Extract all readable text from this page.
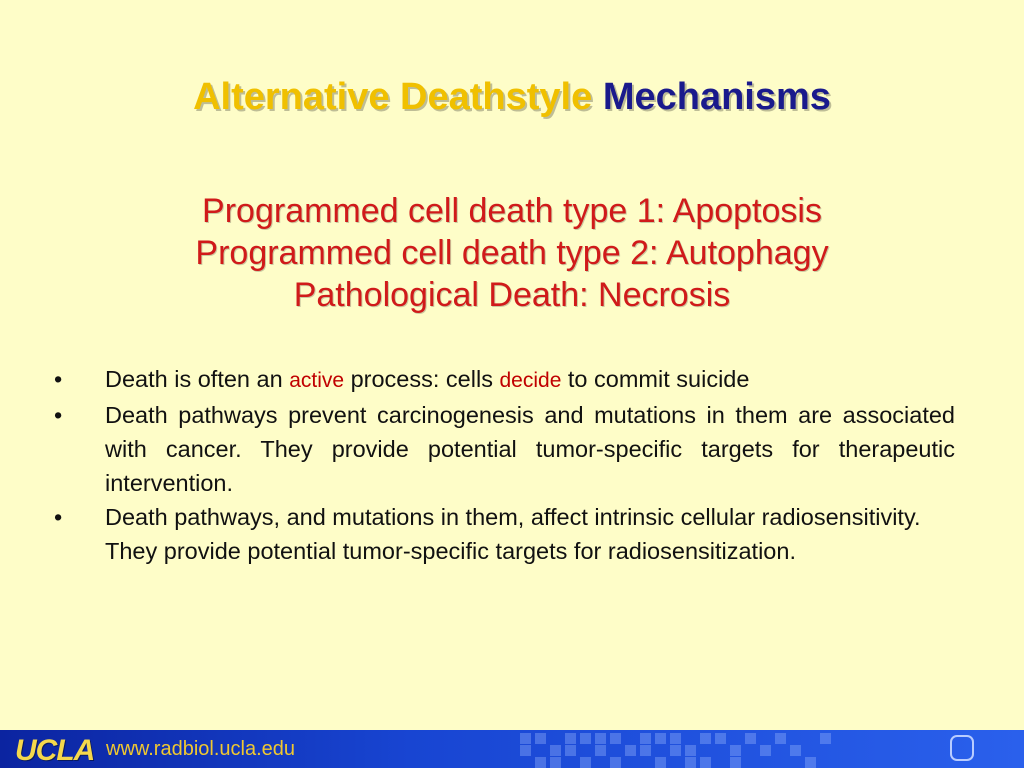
Alternative Deathstyle Mechanisms
Programmed cell death type 1: Apoptosis
Programmed cell death type 2: Autophagy
Pathological Death: Necrosis
• Death is often an active process: cells decide to commit suicide
• Death pathways prevent carcinogenesis and mutations in them are associated with cancer. They provide potential tumor-specific targets for therapeutic intervention.
• Death pathways, and mutations in them, affect intrinsic cellular radiosensitivity. They provide potential tumor-specific targets for radiosensitization.
UCLA www.radbiol.ucla.edu
